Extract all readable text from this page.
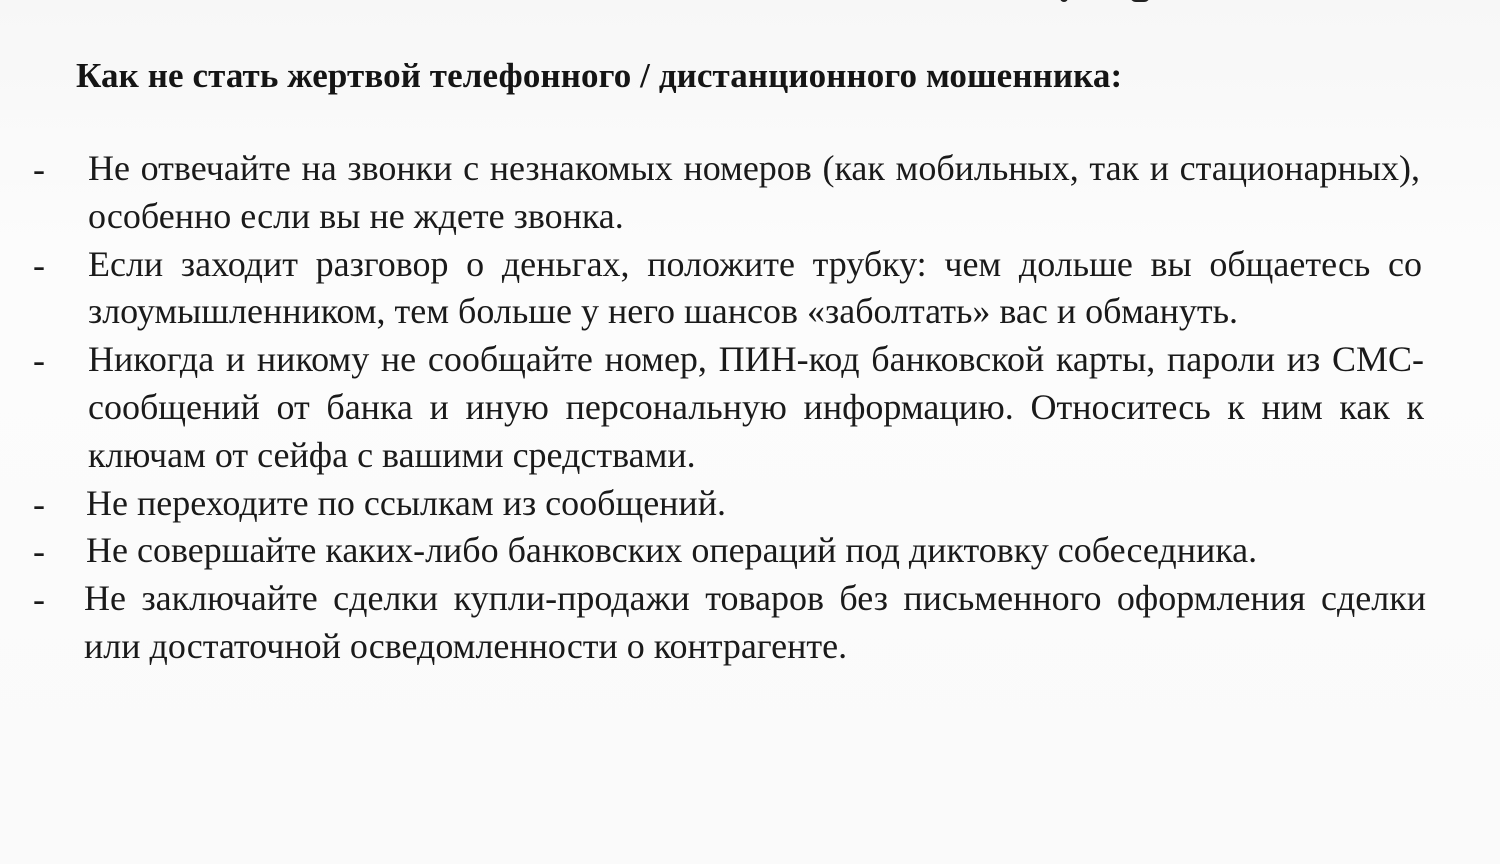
Как не стать жертвой телефонного / дистанционного мошенника:
- Не отвечайте на звонки с незнакомых номеров (как мобильных, так и стационарных), особенно если вы не ждете звонка.
- Если заходит разговор о деньгах, положите трубку: чем дольше вы общаетесь со злоумышленником, тем больше у него шансов «заболтать» вас и обмануть.
- Никогда и никому не сообщайте номер, ПИН-код банковской карты, пароли из СМС-сообщений от банка и иную персональную информацию. Относитесь к ним как к ключам от сейфа с вашими средствами.
- Не переходите по ссылкам из сообщений.
- Не совершайте каких-либо банковских операций под диктовку собеседника.
- Не заключайте сделки купли-продажи товаров без письменного оформления сделки или достаточной осведомленности о контрагенте.
